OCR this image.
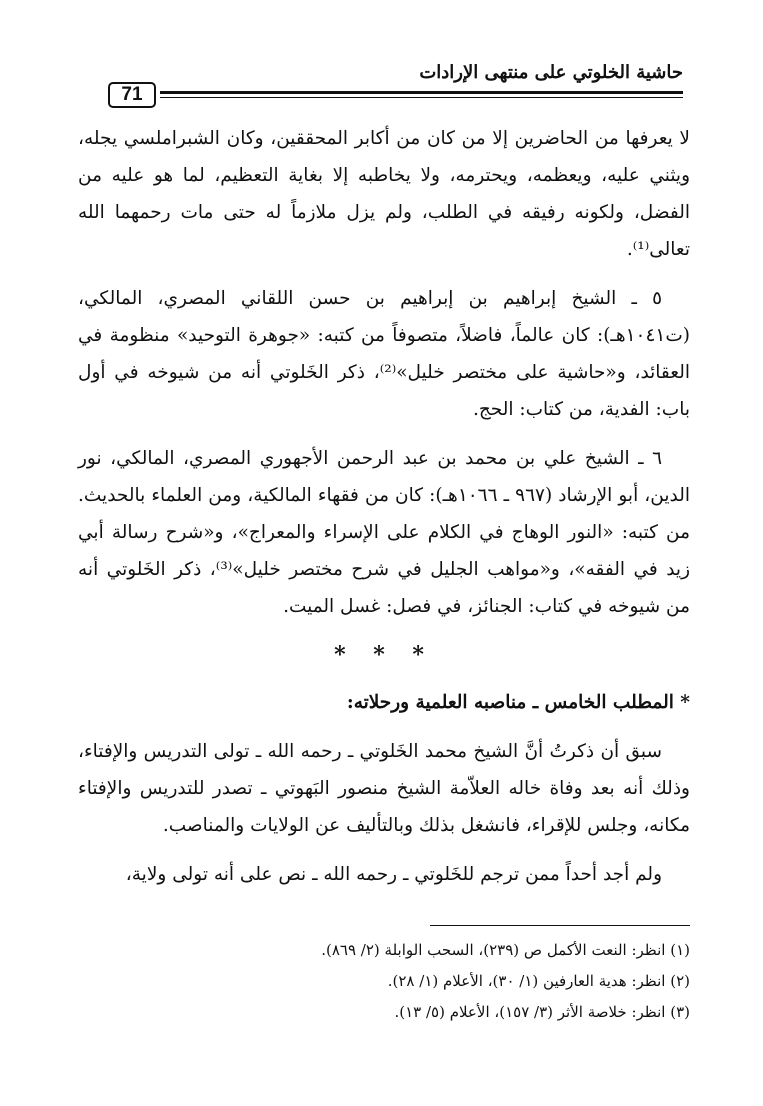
71
حاشية الخلوتي على منتهى الإرادات

لا يعرفها من الحاضرين إلا من كان من أكابر المحققين، وكان الشبراملسي يجله، ويثني عليه، ويعظمه، ويحترمه، ولا يخاطبه إلا بغاية التعظيم، لما هو عليه من الفضل، ولكونه رفيقه في الطلب، ولم يزل ملازماً له حتى مات رحمهما الله تعالى⁽¹⁾.

٥ ـ الشيخ إبراهيم بن إبراهيم بن حسن اللقاني المصري، المالكي، (ت١٠٤١هـ): كان عالماً، فاضلاً، متصوفاً من كتبه: «جوهرة التوحيد» منظومة في العقائد، و«حاشية على مختصر خليل»⁽²⁾، ذكر الخَلوتي أنه من شيوخه في أول باب: الفدية، من كتاب: الحج.

٦ ـ الشيخ علي بن محمد بن عبد الرحمن الأجهوري المصري، المالكي، نور الدين، أبو الإرشاد (٩٦٧ ـ ١٠٦٦هـ): كان من فقهاء المالكية، ومن العلماء بالحديث. من كتبه: «النور الوهاج في الكلام على الإسراء والمعراج»، و«شرح رسالة أبي زيد في الفقه»، و«مواهب الجليل في شرح مختصر خليل»⁽³⁾، ذكر الخَلوتي أنه من شيوخه في كتاب: الجنائز، في فصل: غسل الميت.

* * *

* المطلب الخامس ـ مناصبه العلمية ورحلاته:

سبق أن ذكرتُ أنَّ الشيخ محمد الخَلوتي ـ رحمه الله ـ تولى التدريس والإفتاء، وذلك أنه بعد وفاة خاله العلاّمة الشيخ منصور البَهوتي ـ تصدر للتدريس والإفتاء مكانه، وجلس للإقراء، فانشغل بذلك وبالتأليف عن الولايات والمناصب.

ولم أجد أحداً ممن ترجم للخَلوتي ـ رحمه الله ـ نص على أنه تولى ولاية،

(١) انظر: النعت الأكمل ص (٢٣٩)، السحب الوابلة (٢/ ٨٦٩).

(٢) انظر: هدية العارفين (١/ ٣٠)، الأعلام (١/ ٢٨).

(٣) انظر: خلاصة الأثر (٣/ ١٥٧)، الأعلام (٥/ ١٣).
